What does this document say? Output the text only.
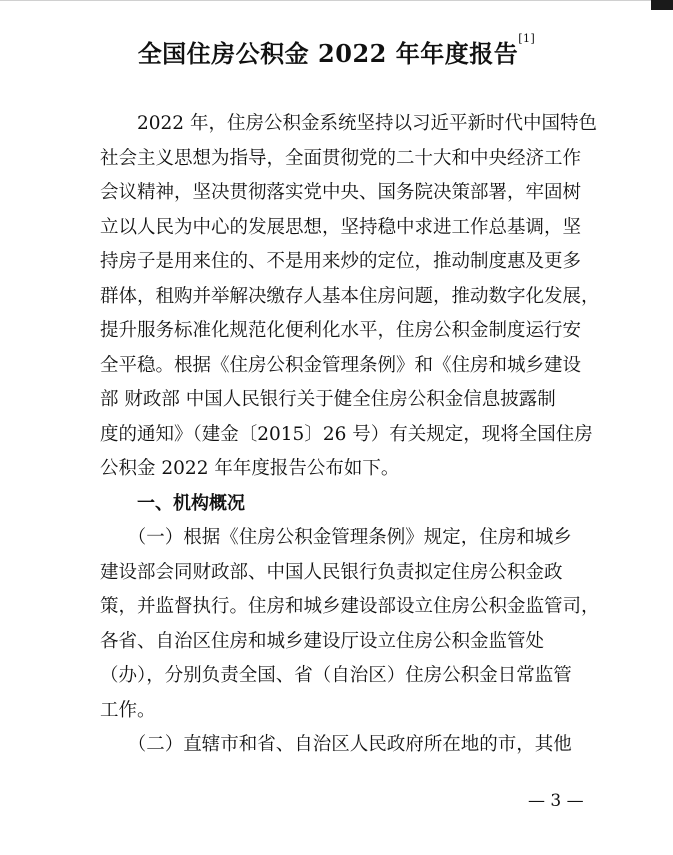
全国住房公积金 2022 年年度报告[1]
　　2022 年，住房公积金系统坚持以习近平新时代中国特色
社会主义思想为指导，全面贯彻党的二十大和中央经济工作
会议精神，坚决贯彻落实党中央、国务院决策部署，牢固树
立以人民为中心的发展思想，坚持稳中求进工作总基调，坚
持房子是用来住的、不是用来炒的定位，推动制度惠及更多
群体，租购并举解决缴存人基本住房问题，推动数字化发展，
提升服务标准化规范化便利化水平，住房公积金制度运行安
全平稳。根据《住房公积金管理条例》和《住房和城乡建设
部 财政部 中国人民银行关于健全住房公积金信息披露制
度的通知》（建金〔2015〕26 号）有关规定，现将全国住房
公积金 2022 年年度报告公布如下。

一、机构概况

　　（一）根据《住房公积金管理条例》规定，住房和城乡
建设部会同财政部、中国人民银行负责拟定住房公积金政
策，并监督执行。住房和城乡建设部设立住房公积金监管司，
各省、自治区住房和城乡建设厅设立住房公积金监管处
（办），分别负责全国、省（自治区）住房公积金日常监管
工作。
　　（二）直辖市和省、自治区人民政府所在地的市，其他
— 3 —
